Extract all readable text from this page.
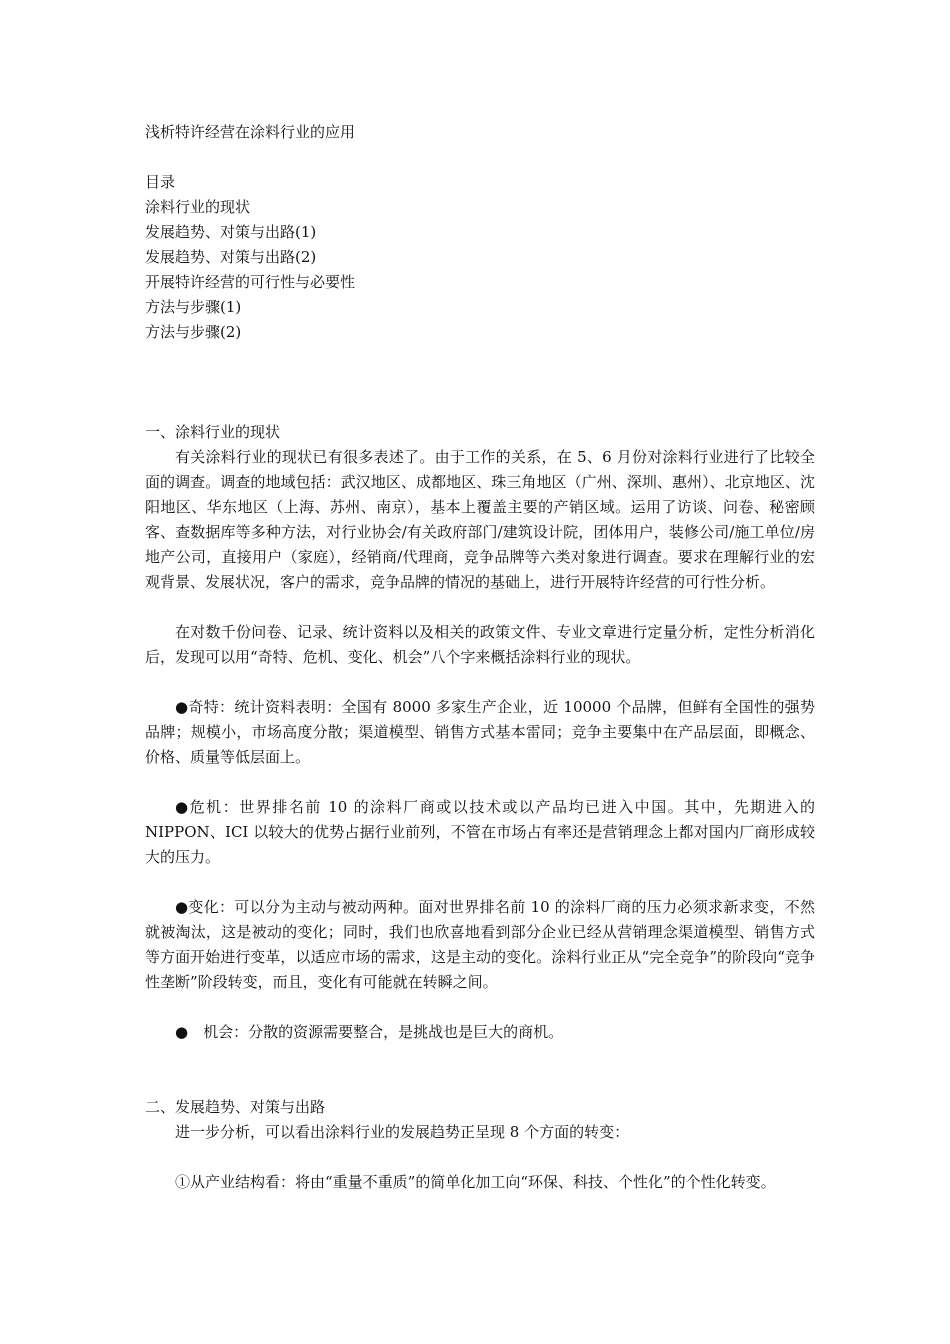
浅析特许经营在涂料行业的应用

目录

涂料行业的现状

发展趋势、对策与出路(1)

发展趋势、对策与出路(2)

开展特许经营的可行性与必要性

方法与步骤(1)

方法与步骤(2)

一、涂料行业的现状

有关涂料行业的现状已有很多表述了。由于工作的关系，在 5、6 月份对涂料行业进行了比较全面的调查。调查的地域包括：武汉地区、成都地区、珠三角地区（广州、深圳、惠州）、北京地区、沈阳地区、华东地区（上海、苏州、南京），基本上覆盖主要的产销区域。运用了访谈、问卷、秘密顾客、查数据库等多种方法，对行业协会/有关政府部门/建筑设计院，团体用户，装修公司/施工单位/房地产公司，直接用户（家庭），经销商/代理商，竞争品牌等六类对象进行调查。要求在理解行业的宏观背景、发展状况，客户的需求，竞争品牌的情况的基础上，进行开展特许经营的可行性分析。

在对数千份问卷、记录、统计资料以及相关的政策文件、专业文章进行定量分析，定性分析消化后，发现可以用“奇特、危机、变化、机会”八个字来概括涂料行业的现状。

●奇特：统计资料表明：全国有 8000 多家生产企业，近 10000 个品牌，但鲜有全国性的强势品牌；规模小，市场高度分散；渠道模型、销售方式基本雷同；竞争主要集中在产品层面，即概念、价格、质量等低层面上。

●危机：世界排名前 10 的涂料厂商或以技术或以产品均已进入中国。其中，先期进入的 NIPPON、ICI 以较大的优势占据行业前列，不管在市场占有率还是营销理念上都对国内厂商形成较大的压力。

●变化：可以分为主动与被动两种。面对世界排名前 10 的涂料厂商的压力必须求新求变，不然就被淘汰，这是被动的变化；同时，我们也欣喜地看到部分企业已经从营销理念渠道模型、销售方式等方面开始进行变革，以适应市场的需求，这是主动的变化。涂料行业正从“完全竞争”的阶段向“竞争性垄断”阶段转变，而且，变化有可能就在转瞬之间。

●　机会：分散的资源需要整合，是挑战也是巨大的商机。

二、发展趋势、对策与出路

进一步分析，可以看出涂料行业的发展趋势正呈现 8 个方面的转变：

①从产业结构看：将由“重量不重质”的简单化加工向“环保、科技、个性化”的个性化转变。
